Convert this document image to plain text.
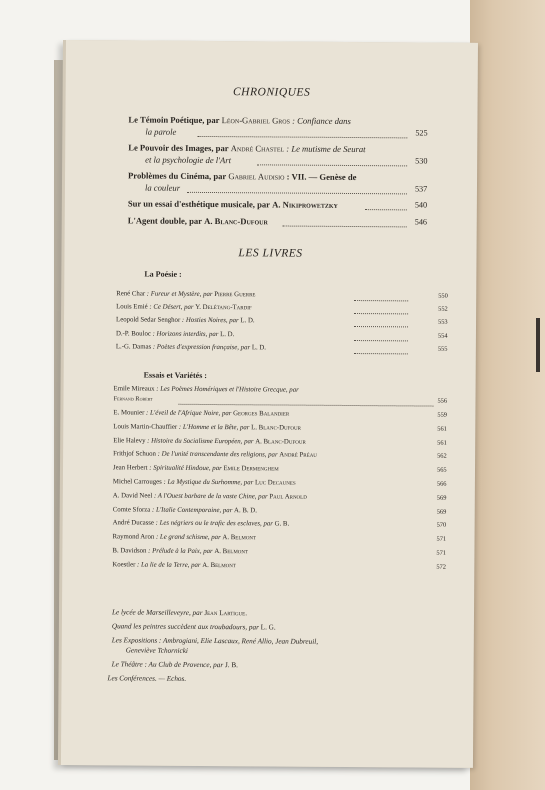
CHRONIQUES
Le Témoin Poétique, par Léon-Gabriel Gros : Confiance dans
la parole	525
Le Pouvoir des Images, par André Chastel : Le mutisme de Seurat
et la psychologie de l'Art	530
Problèmes du Cinéma, par Gabriel Audisio : VII. — Genèse de
la couleur	537
Sur un essai d'esthétique musicale, par A. Nikiprowetzky	540
L'Agent double, par A. Blanc-Dufour	546
LES LIVRES
La Poésie :
René Char : Fureur et Mystère, par Pierre Guerre	550
Louis Emié : Ce Désert, par Y. Delétang-Tardif	552
Leopold Sedar Senghor : Hosties Noires, par L. D.	553
D.-P. Bouloc : Horizons interdits, par L. D.	554
L.-G. Damas : Poètes d'expression française, par L. D.	555
Essais et Variétés :
Emile Mireaux : Les Poèmes Homériques et l'Histoire Grecque, par
Fernand Robert	556
E. Mounier : L'éveil de l'Afrique Noire, par Georges Balandier	559
Louis Martin-Chauffier : L'Homme et la Bête, par L. Blanc-Dufour	561
Elie Halevy : Histoire du Socialisme Européen, par A. Blanc-Dufour	561
Frithjof Schuon : De l'unité transcendante des religions, par André Préau	562
Jean Herbert : Spiritualité Hindoue, par Emile Dermenghem	565
Michel Carrouges : La Mystique du Surhomme, par Luc Decaunes	566
A. David Neel : A l'Ouest barbare de la vaste Chine, par Paul Arnold	569
Comte Sforza : L'Italie Contemporaine, par A. B. D.	569
André Ducasse : Les négriers ou le trafic des esclaves, par G. B.	570
Raymond Aron : Le grand schisme, par A. Belmont	571
B. Davidson : Prélude à la Paix, par A. Belmont	571
Koestler : La lie de la Terre, par A. Belmont	572
Le lycée de Marseilleveyre, par Jean Lartigue.
Quand les peintres succèdent aux troubadours, par L. G.
Les Expositions : Ambrogiani, Elie Lascaux, René Allio, Jean Dubreuil,
Geneviève Tchornicki
Le Théâtre : Au Club de Provence, par J. B.
Les Conférences. — Echos.
